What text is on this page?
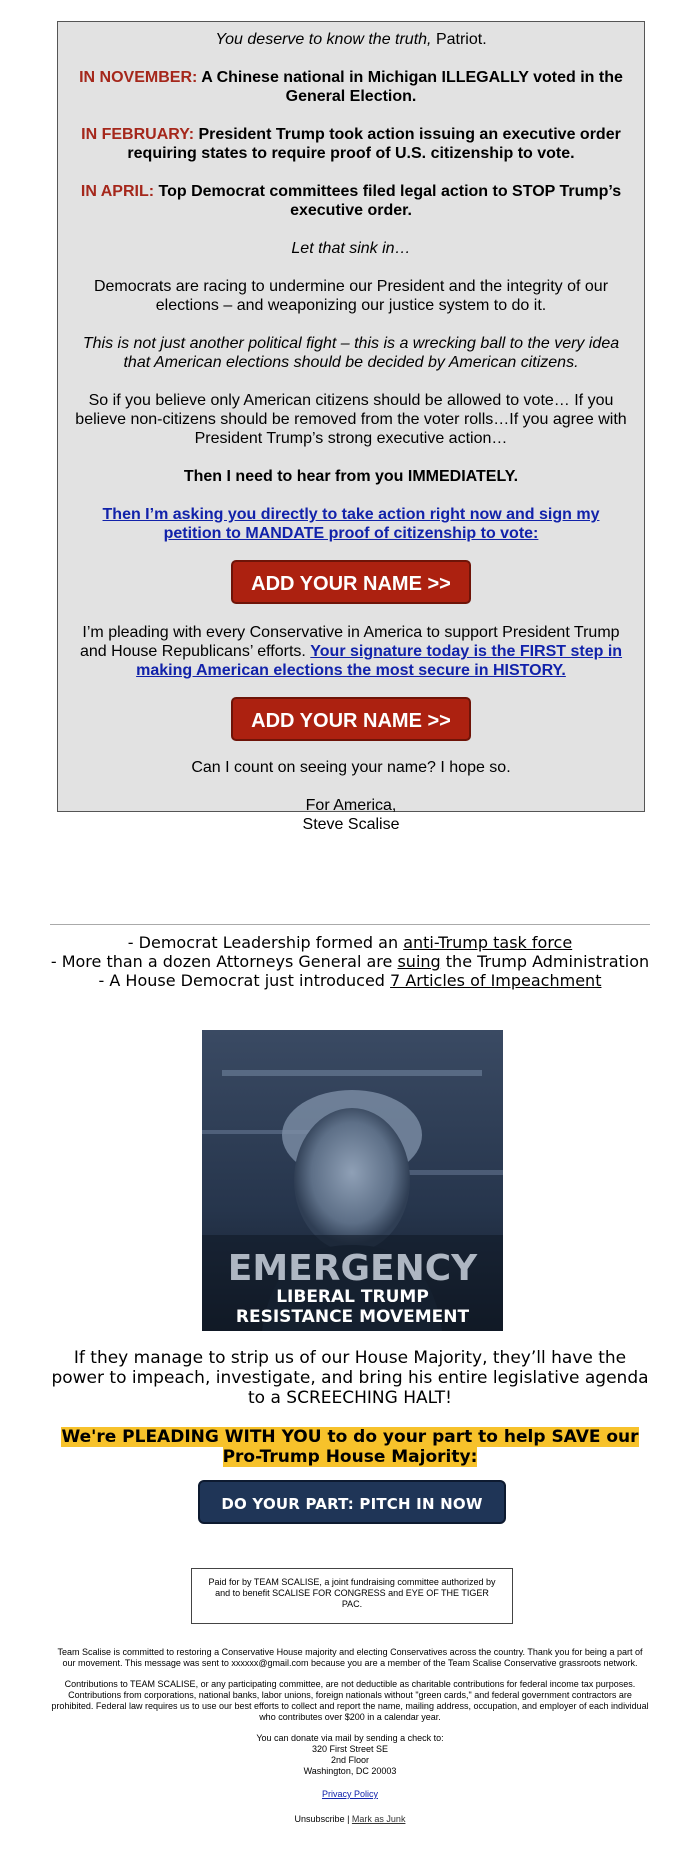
You deserve to know the truth, Patriot.

IN NOVEMBER: A Chinese national in Michigan ILLEGALLY voted in the General Election.

IN FEBRUARY: President Trump took action issuing an executive order requiring states to require proof of U.S. citizenship to vote.

IN APRIL: Top Democrat committees filed legal action to STOP Trump’s executive order.

Let that sink in…

Democrats are racing to undermine our President and the integrity of our elections – and weaponizing our justice system to do it.

This is not just another political fight – this is a wrecking ball to the very idea that American elections should be decided by American citizens.

So if you believe only American citizens should be allowed to vote… If you believe non-citizens should be removed from the voter rolls…If you agree with President Trump’s strong executive action…

Then I need to hear from you IMMEDIATELY.

Then I’m asking you directly to take action right now and sign my petition to MANDATE proof of citizenship to vote:

ADD YOUR NAME >>

I’m pleading with every Conservative in America to support President Trump and House Republicans’ efforts. Your signature today is the FIRST step in making American elections the most secure in HISTORY.

ADD YOUR NAME >>

Can I count on seeing your name? I hope so.

For America,

Steve Scalise

- Democrat Leadership formed an anti-Trump task force
- More than a dozen Attorneys General are suing the Trump Administration
- A House Democrat just introduced 7 Articles of Impeachment
EMERGENCY
LIBERAL TRUMP
RESISTANCE MOVEMENT
If they manage to strip us of our House Majority, they’ll have the power to impeach, investigate, and bring his entire legislative agenda to a SCREECHING HALT!
We're PLEADING WITH YOU to do your part to help SAVE our Pro-Trump House Majority:
DO YOUR PART: PITCH IN NOW
Paid for by TEAM SCALISE, a joint fundraising committee authorized by and to benefit SCALISE FOR CONGRESS and EYE OF THE TIGER PAC.

Team Scalise is committed to restoring a Conservative House majority and electing Conservatives across the country. Thank you for being a part of our movement. This message was sent to xxxxxx@gmail.com because you are a member of the Team Scalise Conservative grassroots network.

Contributions to TEAM SCALISE, or any participating committee, are not deductible as charitable contributions for federal income tax purposes. Contributions from corporations, national banks, labor unions, foreign nationals without "green cards," and federal government contractors are prohibited. Federal law requires us to use our best efforts to collect and report the name, mailing address, occupation, and employer of each individual who contributes over $200 in a calendar year.

You can donate via mail by sending a check to:
320 First Street SE
2nd Floor
Washington, DC 20003

Privacy Policy

Unsubscribe | Mark as Junk
